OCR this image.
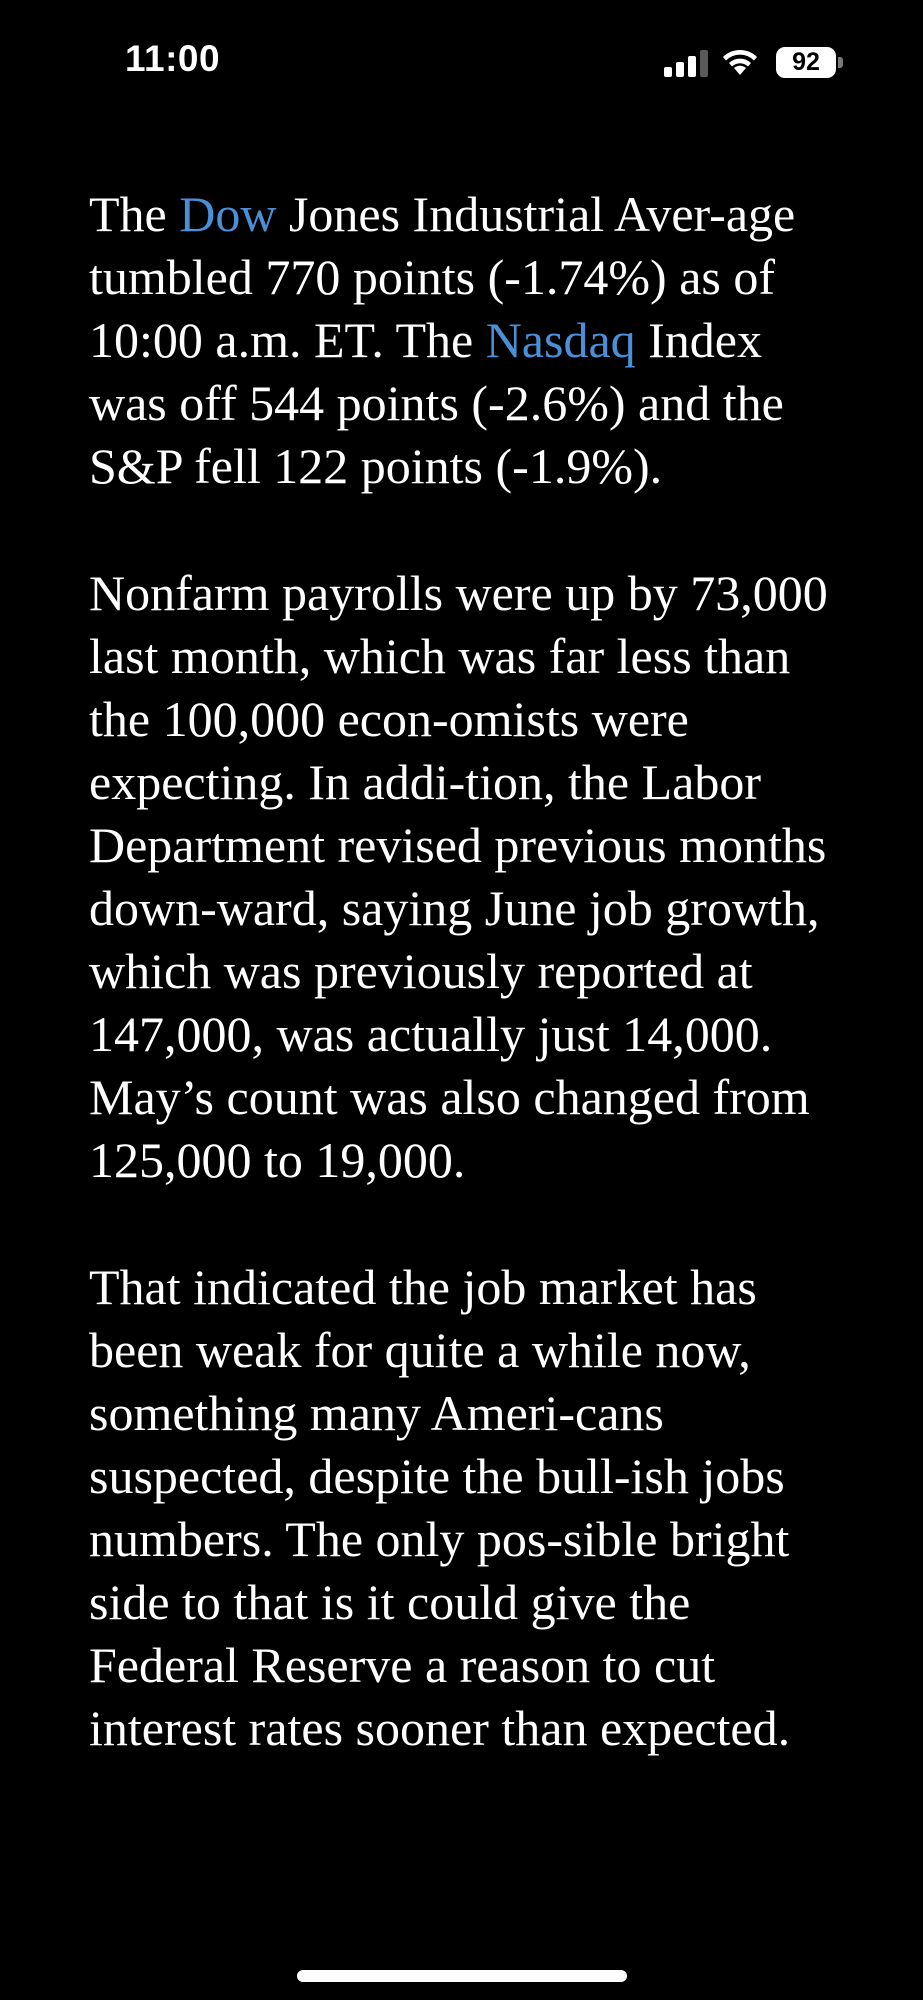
11:00	92

The Dow Jones Industrial Aver-age tumbled 770 points (-1.74%) as of 10:00 a.m. ET. The Nasdaq Index was off 544 points (-2.6%) and the S&P fell 122 points (-1.9%).

Nonfarm payrolls were up by 73,000 last month, which was far less than the 100,000 econ-omists were expecting. In addi-tion, the Labor Department revised previous months down-ward, saying June job growth, which was previously reported at 147,000, was actually just 14,000. May’s count was also changed from 125,000 to 19,000.

That indicated the job market has been weak for quite a while now, something many Ameri-cans suspected, despite the bull-ish jobs numbers. The only pos-sible bright side to that is it could give the Federal Reserve a reason to cut interest rates sooner than expected.
